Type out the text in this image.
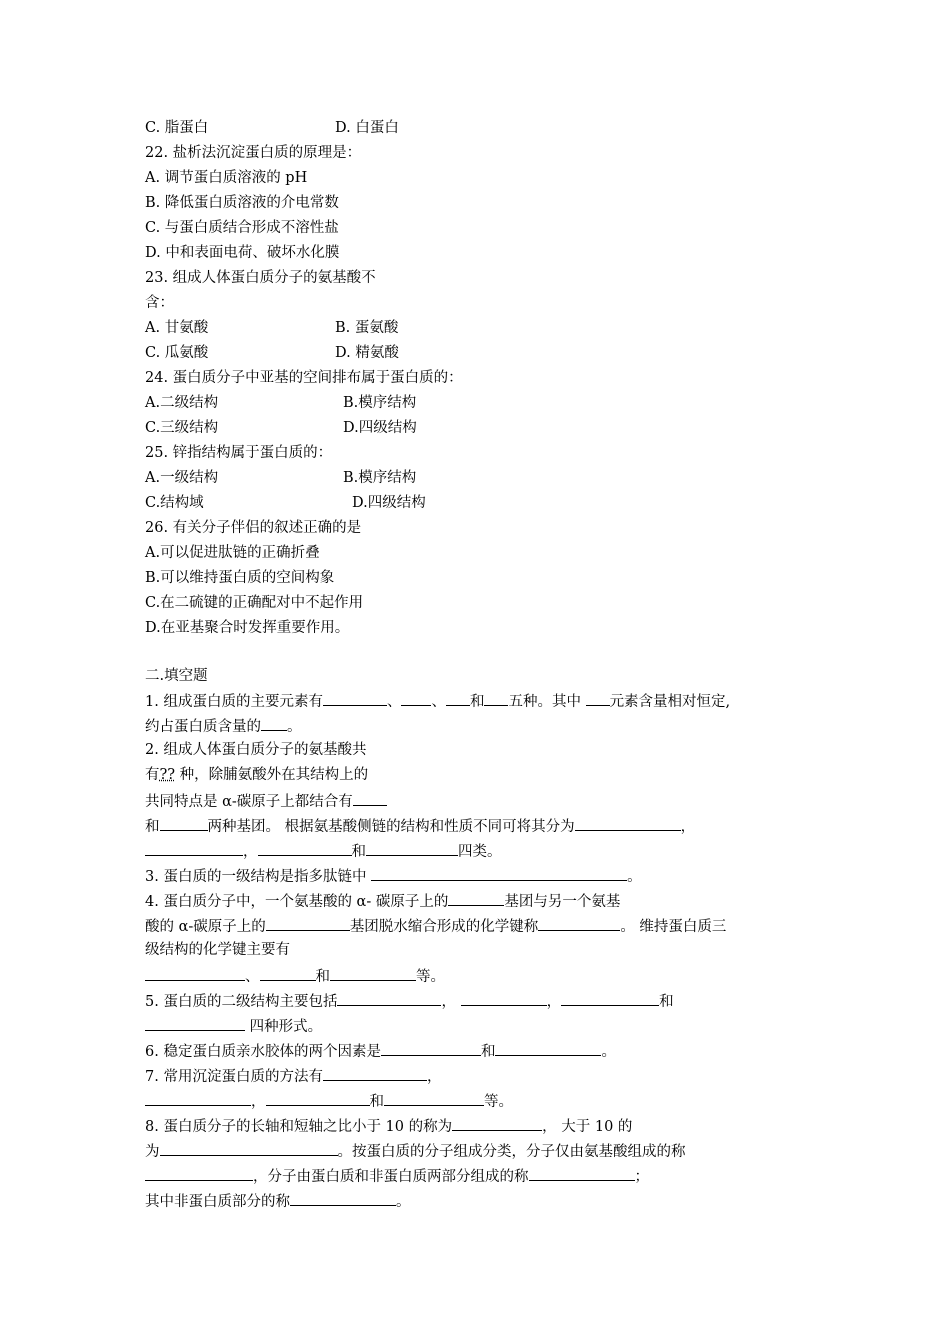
C. 脂蛋白	D. 白蛋白
22. 盐析法沉淀蛋白质的原理是：
A. 调节蛋白质溶液的 pH
B. 降低蛋白质溶液的介电常数
C. 与蛋白质结合形成不溶性盐
D. 中和表面电荷、破坏水化膜
23. 组成人体蛋白质分子的氨基酸不
含：
A. 甘氨酸	B. 蛋氨酸
C. 瓜氨酸	D. 精氨酸
24. 蛋白质分子中亚基的空间排布属于蛋白质的：
A.二级结构	B.模序结构
C.三级结构	D.四级结构
25. 锌指结构属于蛋白质的：
A.一级结构	B.模序结构
C.结构域	D.四级结构
26. 有关分子伴侣的叙述正确的是
A.可以促进肽链的正确折叠
B.可以维持蛋白质的空间构象
C.在二硫键的正确配对中不起作用
D.在亚基聚合时发挥重要作用。
二.填空题
1. 组成蛋白质的主要元素有	、 、 和 五种。其中 元素含量相对恒定,
约占蛋白质含量的 。
2. 组成人体蛋白质分子的氨基酸共
有?? 种，除脯氨酸外在其结构上的
共同特点是 α-碳原子上都结合有
和	两种基团。 根据氨基酸侧链的结构和性质不同可将其分为	，
，	和	四类。
3. 蛋白质的一级结构是指多肽链中	。
4. 蛋白质分子中，一个氨基酸的 α- 碳原子上的	基团与另一个氨基
酸的 α-碳原子上的	基团脱水缩合形成的化学键称	。 维持蛋白质三
级结构的化学键主要有
、	和	等。
5. 蛋白质的二级结构主要包括	，	，	和
四种形式。
6. 稳定蛋白质亲水胶体的两个因素是	和	。
7. 常用沉淀蛋白质的方法有	，
，	和	等。
8. 蛋白质分子的长轴和短轴之比小于 10 的称为	， 大于 10 的
为	。按蛋白质的分子组成分类，分子仅由氨基酸组成的称
，分子由蛋白质和非蛋白质两部分组成的称	；
其中非蛋白质部分的称	。
